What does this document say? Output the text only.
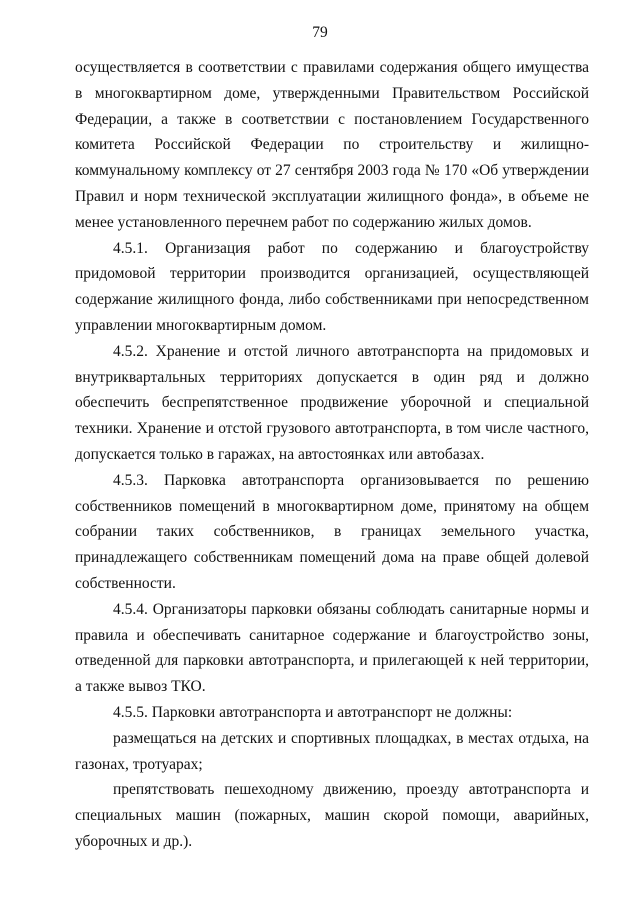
79

осуществляется в соответствии с правилами содержания общего имущества в многоквартирном доме, утвержденными Правительством Российской Федерации, а также в соответствии с постановлением Государственного комитета Российской Федерации по строительству и жилищно-коммунальному комплексу от 27 сентября 2003 года № 170 «Об утверждении Правил и норм технической эксплуатации жилищного фонда», в объеме не менее установленного перечнем работ по содержанию жилых домов.

4.5.1. Организация работ по содержанию и благоустройству придомовой территории производится организацией, осуществляющей содержание жилищного фонда, либо собственниками при непосредственном управлении многоквартирным домом.

4.5.2. Хранение и отстой личного автотранспорта на придомовых и внутриквартальных территориях допускается в один ряд и должно обеспечить беспрепятственное продвижение уборочной и специальной техники. Хранение и отстой грузового автотранспорта, в том числе частного, допускается только в гаражах, на автостоянках или автобазах.

4.5.3. Парковка автотранспорта организовывается по решению собственников помещений в многоквартирном доме, принятому на общем собрании таких собственников, в границах земельного участка, принадлежащего собственникам помещений дома на праве общей долевой собственности.

4.5.4. Организаторы парковки обязаны соблюдать санитарные нормы и правила и обеспечивать санитарное содержание и благоустройство зоны, отведенной для парковки автотранспорта, и прилегающей к ней территории, а также вывоз ТКО.

4.5.5. Парковки автотранспорта и автотранспорт не должны:

размещаться на детских и спортивных площадках, в местах отдыха, на газонах, тротуарах;

препятствовать пешеходному движению, проезду автотранспорта и специальных машин (пожарных, машин скорой помощи, аварийных, уборочных и др.).
